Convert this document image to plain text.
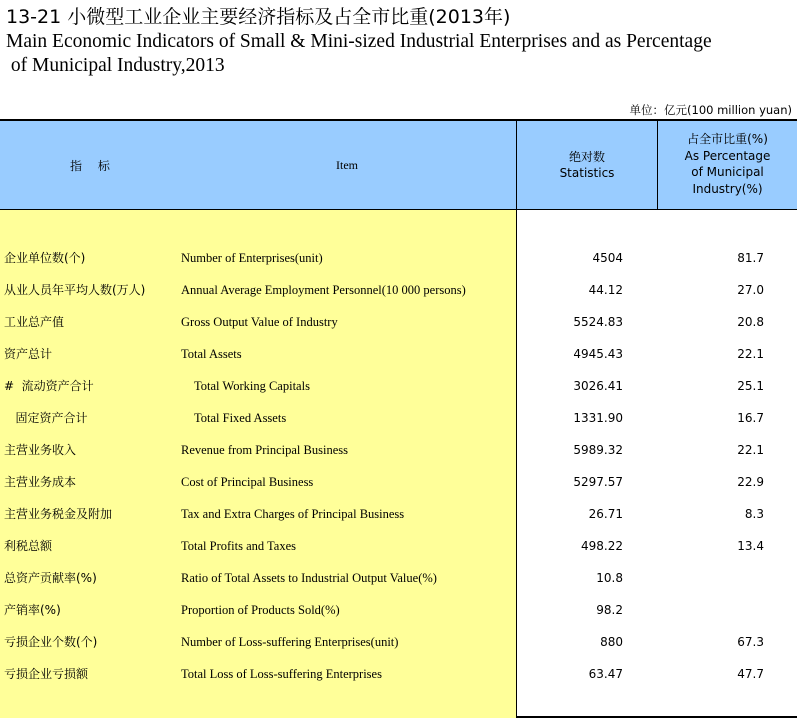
13-21 小微型工业企业主要经济指标及占全市比重(2013年)
Main Economic Indicators of Small & Mini-sized Industrial Enterprises and as Percentage
of Municipal Industry,2013
单位：亿元(100 million yuan)
指 标	Item
绝对数
Statistics
占全市比重(%)
As Percentage
of Municipal
Industry(%)
企业单位数(个)	Number of Enterprises(unit)	4504	81.7
从业人员年平均人数(万人)	Annual Average Employment Personnel(10 000 persons)	44.12	27.0
工业总产值	Gross Output Value of Industry	5524.83	20.8
资产总计	Total Assets	4945.43	22.1
#  流动资产合计	Total Working Capitals	3026.41	25.1
固定资产合计	Total Fixed Assets	1331.90	16.7
主营业务收入	Revenue from Principal Business	5989.32	22.1
主营业务成本	Cost of Principal Business	5297.57	22.9
主营业务税金及附加	Tax and Extra Charges of Principal Business	26.71	8.3
利税总额	Total Profits and Taxes	498.22	13.4
总资产贡献率(%)	Ratio of Total Assets to Industrial Output Value(%)	10.8
产销率(%)	Proportion of Products Sold(%)	98.2
亏损企业个数(个)	Number of Loss-suffering Enterprises(unit)	880	67.3
亏损企业亏损额	Total Loss of Loss-suffering Enterprises	63.47	47.7
